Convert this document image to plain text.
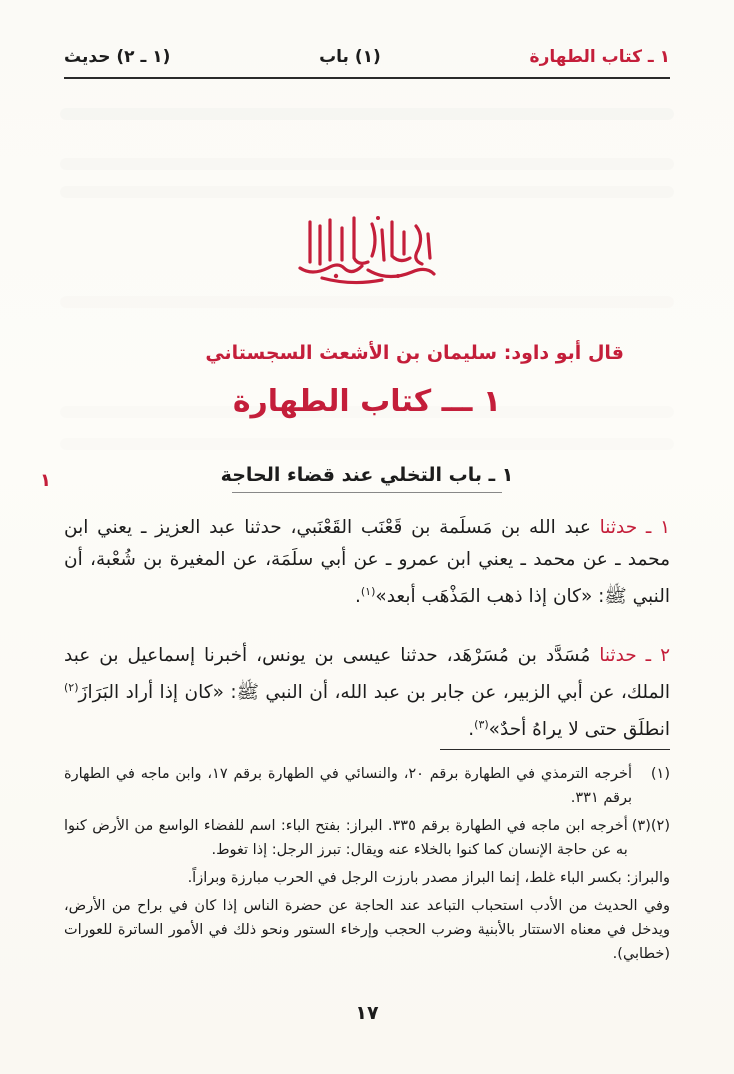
١ ـ كتاب الطهارة
(١) باب
(١ ـ ٢) حديث
قال أبو داود: سليمان بن الأشعث السجستاني
١ ـــ كتاب الطهارة
١ ـ باب التخلي عند قضاء الحاجة
١
١ ـ حدثنا عبد الله بن مَسلَمة بن قَعْنَب القَعْنَبي، حدثنا عبد العزيز ـ يعني ابن محمد ـ عن محمد ـ يعني ابن عمرو ـ عن أبي سلَمَة، عن المغيرة بن شُعْبة، أن النبي ﷺ: «كان إذا ذهب المَذْهَب أبعد»$^{(١)}$.
٢ ـ حدثنا مُسَدَّد بن مُسَرْهَد، حدثنا عيسى بن يونس، أخبرنا إسماعيل بن عبد الملك، عن أبي الزبير، عن جابر بن عبد الله، أن النبي ﷺ: «كان إذا أراد البَرَازَ$^{(٢)}$ انطلَق حتى لا يراهُ أحدٌ»$^{(٣)}$.
(١)
أخرجه الترمذي في الطهارة برقم ٢٠، والنسائي في الطهارة برقم ١٧، وابن ماجه في الطهارة برقم ٣٣١.
(٢)(٣)
أخرجه ابن ماجه في الطهارة برقم ٣٣٥. البراز: بفتح الباء: اسم للفضاء الواسع من الأرض كنوا به عن حاجة الإنسان كما كنوا بالخلاء عنه ويقال: تبرز الرجل: إذا تغوط.
والبراز: بكسر الباء غلط، إنما البراز مصدر بارزت الرجل في الحرب مبارزة وبرازاً.
وفي الحديث من الأدب استحباب التباعد عند الحاجة عن حضرة الناس إذا كان في براح من الأرض، ويدخل في معناه الاستتار بالأبنية وضرب الحجب وإرخاء الستور ونحو ذلك في الأمور الساترة للعورات (خطابي).
١٧
